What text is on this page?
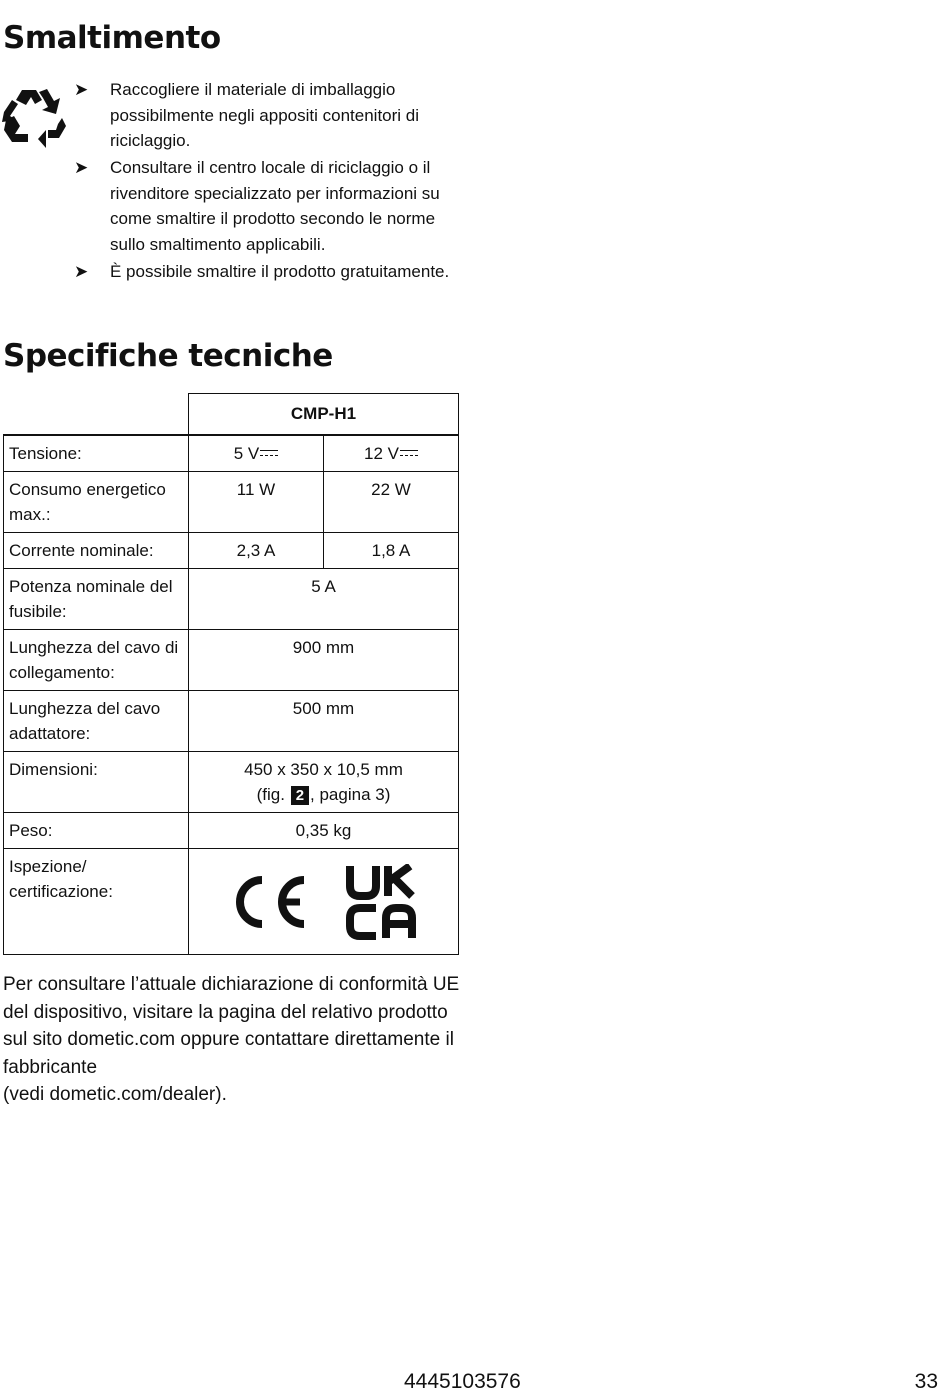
Smaltimento
➤ Raccogliere il materiale di imballaggio possibilmente negli appositi contenitori di riciclaggio.
➤ Consultare il centro locale di riciclaggio o il rivenditore specializzato per informazioni su come smaltire il prodotto secondo le norme sullo smaltimento applicabili.
➤ È possibile smaltire il prodotto gratuitamente.
Specifiche tecniche
	CMP-H1	
Tensione:	5 V	12 V
Consumo energetico max.:	11 W	22 W
Corrente nominale:	2,3 A	1,8 A
Potenza nominale del fusibile:	5 A	
Lunghezza del cavo di collegamento:	900 mm	
Lunghezza del cavo adattatore:	500 mm	
Dimensioni:	450 x 350 x 10,5 mm
(fig. 2 , pagina 3)	

Peso:	0,35 kg	
Ispezione/ certificazione:	

Per consultare l’attuale dichiarazione di conformità UE del dispositivo, visitare la pagina del relativo prodotto sul sito dometic.com oppure contattare direttamente il fabbricante
(vedi dometic.com/dealer).

4445103576	33
